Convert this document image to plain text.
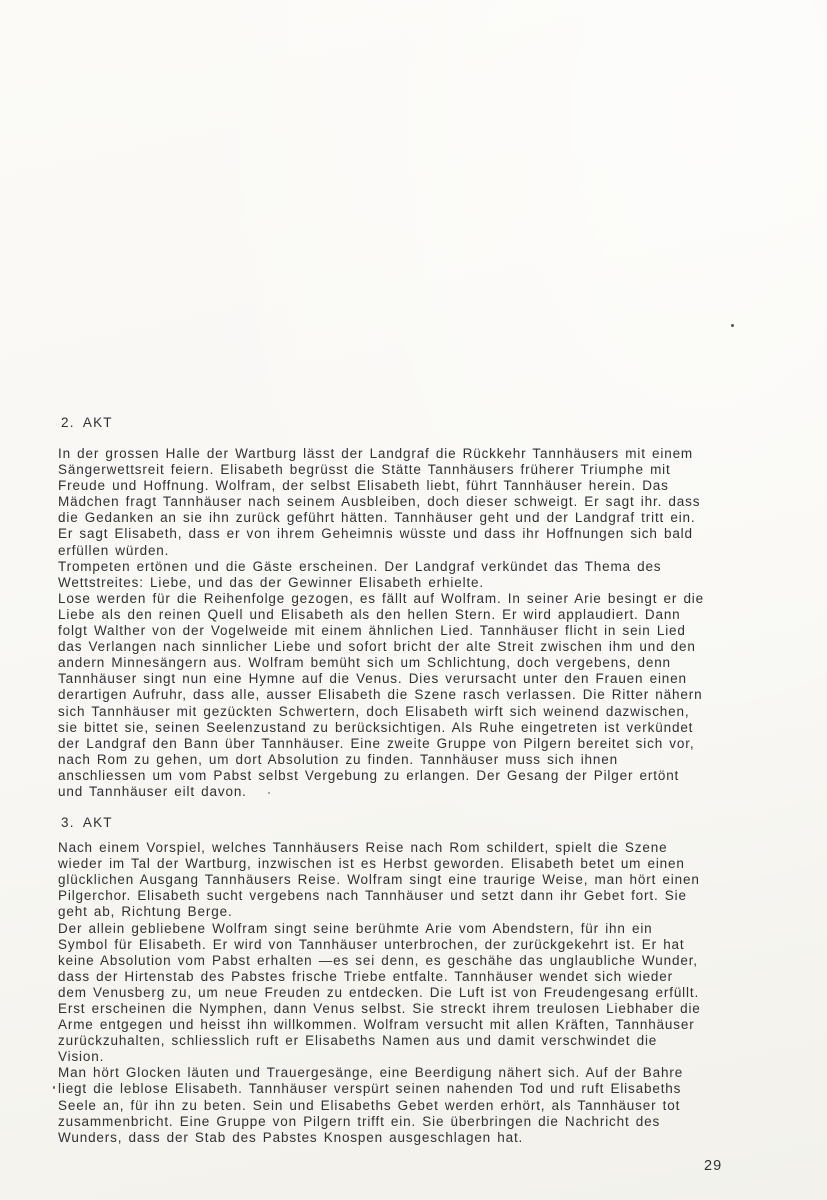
2. AKT
In der grossen Halle der Wartburg lässt der Landgraf die Rückkehr Tannhäusers mit einem
Sängerwettsreit feiern. Elisabeth begrüsst die Stätte Tannhäusers früherer Triumphe mit
Freude und Hoffnung. Wolfram, der selbst Elisabeth liebt, führt Tannhäuser herein. Das
Mädchen fragt Tannhäuser nach seinem Ausbleiben, doch dieser schweigt. Er sagt ihr. dass
die Gedanken an sie ihn zurück geführt hätten. Tannhäuser geht und der Landgraf tritt ein.
Er sagt Elisabeth, dass er von ihrem Geheimnis wüsste und dass ihr Hoffnungen sich bald
erfüllen würden.
Trompeten ertönen und die Gäste erscheinen. Der Landgraf verkündet das Thema des
Wettstreites: Liebe, und das der Gewinner Elisabeth erhielte.
Lose werden für die Reihenfolge gezogen, es fällt auf Wolfram. In seiner Arie besingt er die
Liebe als den reinen Quell und Elisabeth als den hellen Stern. Er wird applaudiert. Dann
folgt Walther von der Vogelweide mit einem ähnlichen Lied. Tannhäuser flicht in sein Lied
das Verlangen nach sinnlicher Liebe und sofort bricht der alte Streit zwischen ihm und den
andern Minnesängern aus. Wolfram bemüht sich um Schlichtung, doch vergebens, denn
Tannhäuser singt nun eine Hymne auf die Venus. Dies verursacht unter den Frauen einen
derartigen Aufruhr, dass alle, ausser Elisabeth die Szene rasch verlassen. Die Ritter nähern
sich Tannhäuser mit gezückten Schwertern, doch Elisabeth wirft sich weinend dazwischen,
sie bittet sie, seinen Seelenzustand zu berücksichtigen. Als Ruhe eingetreten ist verkündet
der Landgraf den Bann über Tannhäuser. Eine zweite Gruppe von Pilgern bereitet sich vor,
nach Rom zu gehen, um dort Absolution zu finden. Tannhäuser muss sich ihnen
anschliessen um vom Pabst selbst Vergebung zu erlangen. Der Gesang der Pilger ertönt
und Tannhäuser eilt davon.
3. AKT
Nach einem Vorspiel, welches Tannhäusers Reise nach Rom schildert, spielt die Szene
wieder im Tal der Wartburg, inzwischen ist es Herbst geworden. Elisabeth betet um einen
glücklichen Ausgang Tannhäusers Reise. Wolfram singt eine traurige Weise, man hört einen
Pilgerchor. Elisabeth sucht vergebens nach Tannhäuser und setzt dann ihr Gebet fort. Sie
geht ab, Richtung Berge.
Der allein gebliebene Wolfram singt seine berühmte Arie vom Abendstern, für ihn ein
Symbol für Elisabeth. Er wird von Tannhäuser unterbrochen, der zurückgekehrt ist. Er hat
keine Absolution vom Pabst erhalten —es sei denn, es geschähe das unglaubliche Wunder,
dass der Hirtenstab des Pabstes frische Triebe entfalte. Tannhäuser wendet sich wieder
dem Venusberg zu, um neue Freuden zu entdecken. Die Luft ist von Freudengesang erfüllt.
Erst erscheinen die Nymphen, dann Venus selbst. Sie streckt ihrem treulosen Liebhaber die
Arme entgegen und heisst ihn willkommen. Wolfram versucht mit allen Kräften, Tannhäuser
zurückzuhalten, schliesslich ruft er Elisabeths Namen aus und damit verschwindet die
Vision.
Man hört Glocken läuten und Trauergesänge, eine Beerdigung nähert sich. Auf der Bahre
liegt die leblose Elisabeth. Tannhäuser verspürt seinen nahenden Tod und ruft Elisabeths
Seele an, für ihn zu beten. Sein und Elisabeths Gebet werden erhört, als Tannhäuser tot
zusammenbricht. Eine Gruppe von Pilgern trifft ein. Sie überbringen die Nachricht des
Wunders, dass der Stab des Pabstes Knospen ausgeschlagen hat.
29
